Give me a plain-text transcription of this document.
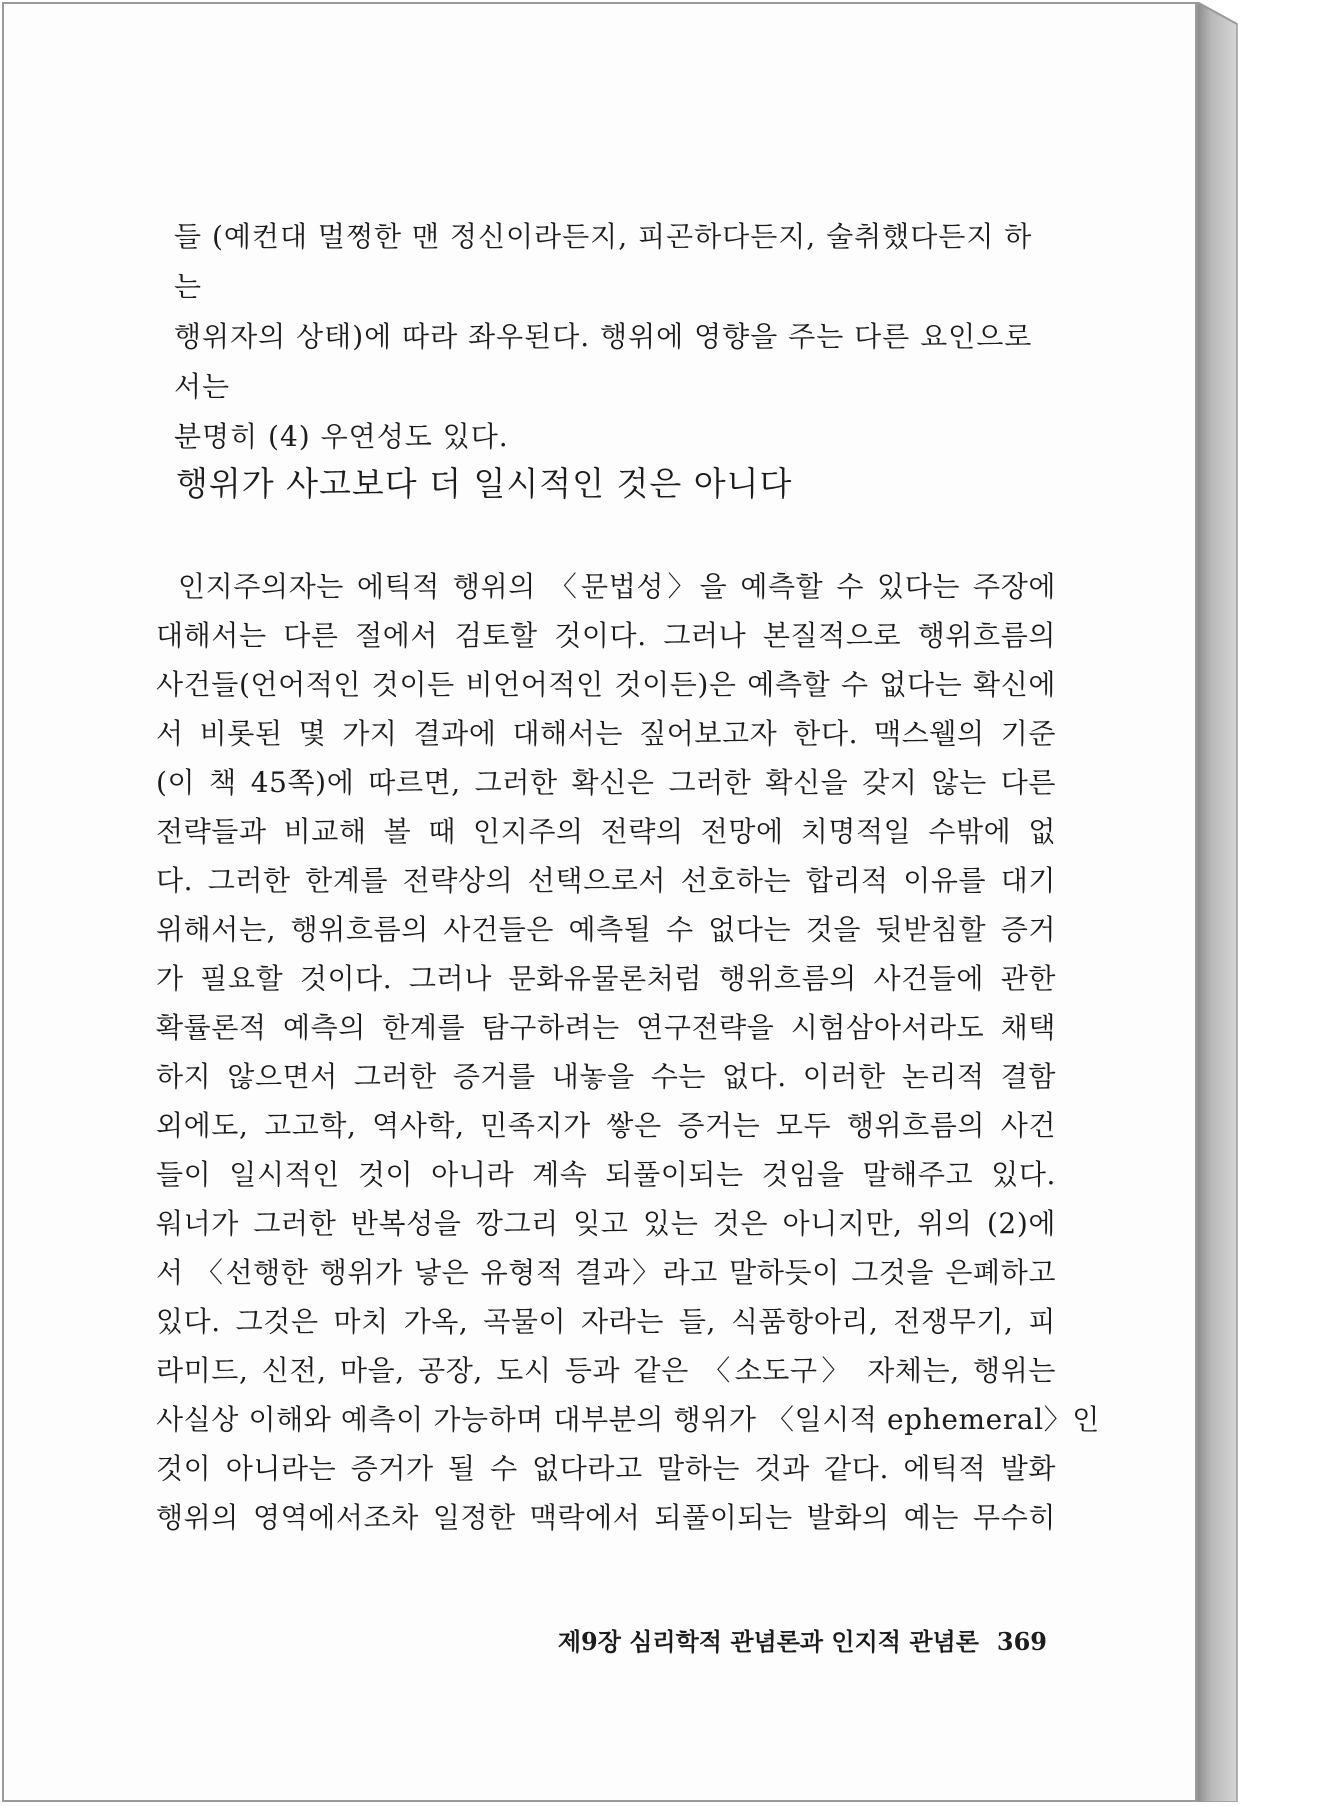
들 (예컨대 멀쩡한 맨 정신이라든지, 피곤하다든지, 술취했다든지 하는
행위자의 상태)에 따라 좌우된다. 행위에 영향을 주는 다른 요인으로서는
분명히 (4) 우연성도 있다.
행위가 사고보다 더 일시적인 것은 아니다
인지주의자는 에틱적 행위의 〈문법성〉을 예측할 수 있다는 주장에
대해서는 다른 절에서 검토할 것이다. 그러나 본질적으로 행위흐름의
사건들(언어적인 것이든 비언어적인 것이든)은 예측할 수 없다는 확신에
서 비롯된 몇 가지 결과에 대해서는 짚어보고자 한다. 맥스웰의 기준
(이 책 45쪽)에 따르면, 그러한 확신은 그러한 확신을 갖지 않는 다른
전략들과 비교해 볼 때 인지주의 전략의 전망에 치명적일 수밖에 없
다. 그러한 한계를 전략상의 선택으로서 선호하는 합리적 이유를 대기
위해서는, 행위흐름의 사건들은 예측될 수 없다는 것을 뒷받침할 증거
가 필요할 것이다. 그러나 문화유물론처럼 행위흐름의 사건들에 관한
확률론적 예측의 한계를 탐구하려는 연구전략을 시험삼아서라도 채택
하지 않으면서 그러한 증거를 내놓을 수는 없다. 이러한 논리적 결함
외에도, 고고학, 역사학, 민족지가 쌓은 증거는 모두 행위흐름의 사건
들이 일시적인 것이 아니라 계속 되풀이되는 것임을 말해주고 있다.
워너가 그러한 반복성을 깡그리 잊고 있는 것은 아니지만, 위의 (2)에
서 〈선행한 행위가 낳은 유형적 결과〉라고 말하듯이 그것을 은폐하고
있다. 그것은 마치 가옥, 곡물이 자라는 들, 식품항아리, 전쟁무기, 피
라미드, 신전, 마을, 공장, 도시 등과 같은 〈소도구〉 자체는, 행위는
사실상 이해와 예측이 가능하며 대부분의 행위가 〈일시적 ephemeral〉인
것이 아니라는 증거가 될 수 없다라고 말하는 것과 같다. 에틱적 발화
행위의 영역에서조차 일정한 맥락에서 되풀이되는 발화의 예는 무수히
제9장 심리학적 관념론과 인지적 관념론 369
